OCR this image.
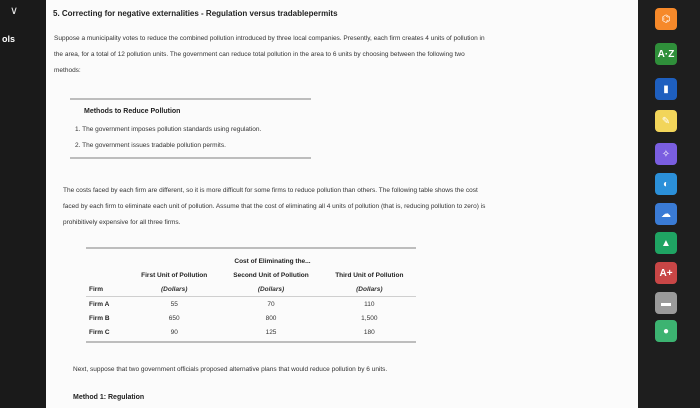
∨
ols
5. Correcting for negative externalities - Regulation versus tradablepermits
Suppose a municipality votes to reduce the combined pollution introduced by three local companies. Presently, each firm creates 4 units of pollution in
the area, for a total of 12 pollution units. The government can reduce total pollution in the area to 6 units by choosing between the following two
methods:
Methods to Reduce Pollution
1. The government imposes pollution standards using regulation.
2. The government issues tradable pollution permits.
The costs faced by each firm are different, so it is more difficult for some firms to reduce pollution than others. The following table shows the cost
faced by each firm to eliminate each unit of pollution. Assume that the cost of eliminating all 4 units of pollution (that is, reducing pollution to zero) is
prohibitively expensive for all three firms.
	Cost of Eliminating the...		
	First Unit of Pollution	Second Unit of Pollution	Third Unit of Pollution
Firm	(Dollars)	(Dollars)	(Dollars)
Firm A	55	70	110
Firm B	650	800	1,500
Firm C	90	125	180
Next, suppose that two government officials proposed alternative plans that would reduce pollution by 6 units.
Method 1: Regulation
⌬
A·Z
▮
✎
✧
◐
☁
▲
A+
▬
●
